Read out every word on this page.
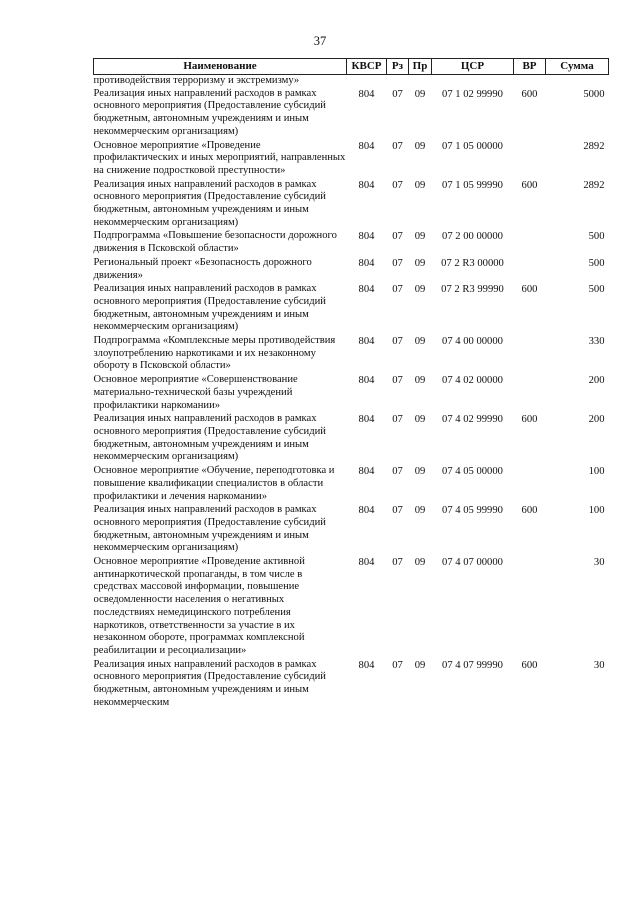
37
Наименование	КВСР	Рз	Пр	ЦСР	ВР	Сумма
противодействия терроризму и экстремизму»						
Реализация иных направлений расходов в рамках основного мероприятия (Предоставление субсидий бюджетным, автономным учреждениям и иным некоммерческим организациям)	804	07	09	07 1 02 99990	600	5000
Основное мероприятие «Проведение профилактических и иных мероприятий, направленных на снижение подростковой преступности»	804	07	09	07 1 05 00000		2892
Реализация иных направлений расходов в рамках основного мероприятия (Предоставление субсидий бюджетным, автономным учреждениям и иным некоммерческим организациям)	804	07	09	07 1 05 99990	600	2892
Подпрограмма «Повышение безопасности дорожного движения в Псковской области»	804	07	09	07 2 00 00000		500
Региональный проект «Безопасность дорожного движения»	804	07	09	07 2 R3 00000		500
Реализация иных направлений расходов в рамках основного мероприятия (Предоставление субсидий бюджетным, автономным учреждениям и иным некоммерческим организациям)	804	07	09	07 2 R3 99990	600	500
Подпрограмма «Комплексные меры противодействия злоупотреблению наркотиками и их незаконному обороту в Псковской области»	804	07	09	07 4 00 00000		330
Основное мероприятие «Совершенствование материально-технической базы учреждений профилактики наркомании»	804	07	09	07 4 02 00000		200
Реализация иных направлений расходов в рамках основного мероприятия (Предоставление субсидий бюджетным, автономным учреждениям и иным некоммерческим организациям)	804	07	09	07 4 02 99990	600	200
Основное мероприятие «Обучение, переподготовка и повышение квалификации специалистов в области профилактики и лечения наркомании»	804	07	09	07 4 05 00000		100
Реализация иных направлений расходов в рамках основного мероприятия (Предоставление субсидий бюджетным, автономным учреждениям и иным некоммерческим организациям)	804	07	09	07 4 05 99990	600	100
Основное мероприятие «Проведение активной антинаркотической пропаганды, в том числе в средствах массовой информации, повышение осведомленности населения о негативных последствиях немедицинского потребления наркотиков, ответственности за участие в их незаконном обороте, программах комплексной реабилитации и ресоциализации»	804	07	09	07 4 07 00000		30
Реализация иных направлений расходов в рамках основного мероприятия (Предоставление субсидий бюджетным, автономным учреждениям и иным некоммерческим	804	07	09	07 4 07 99990	600	30
